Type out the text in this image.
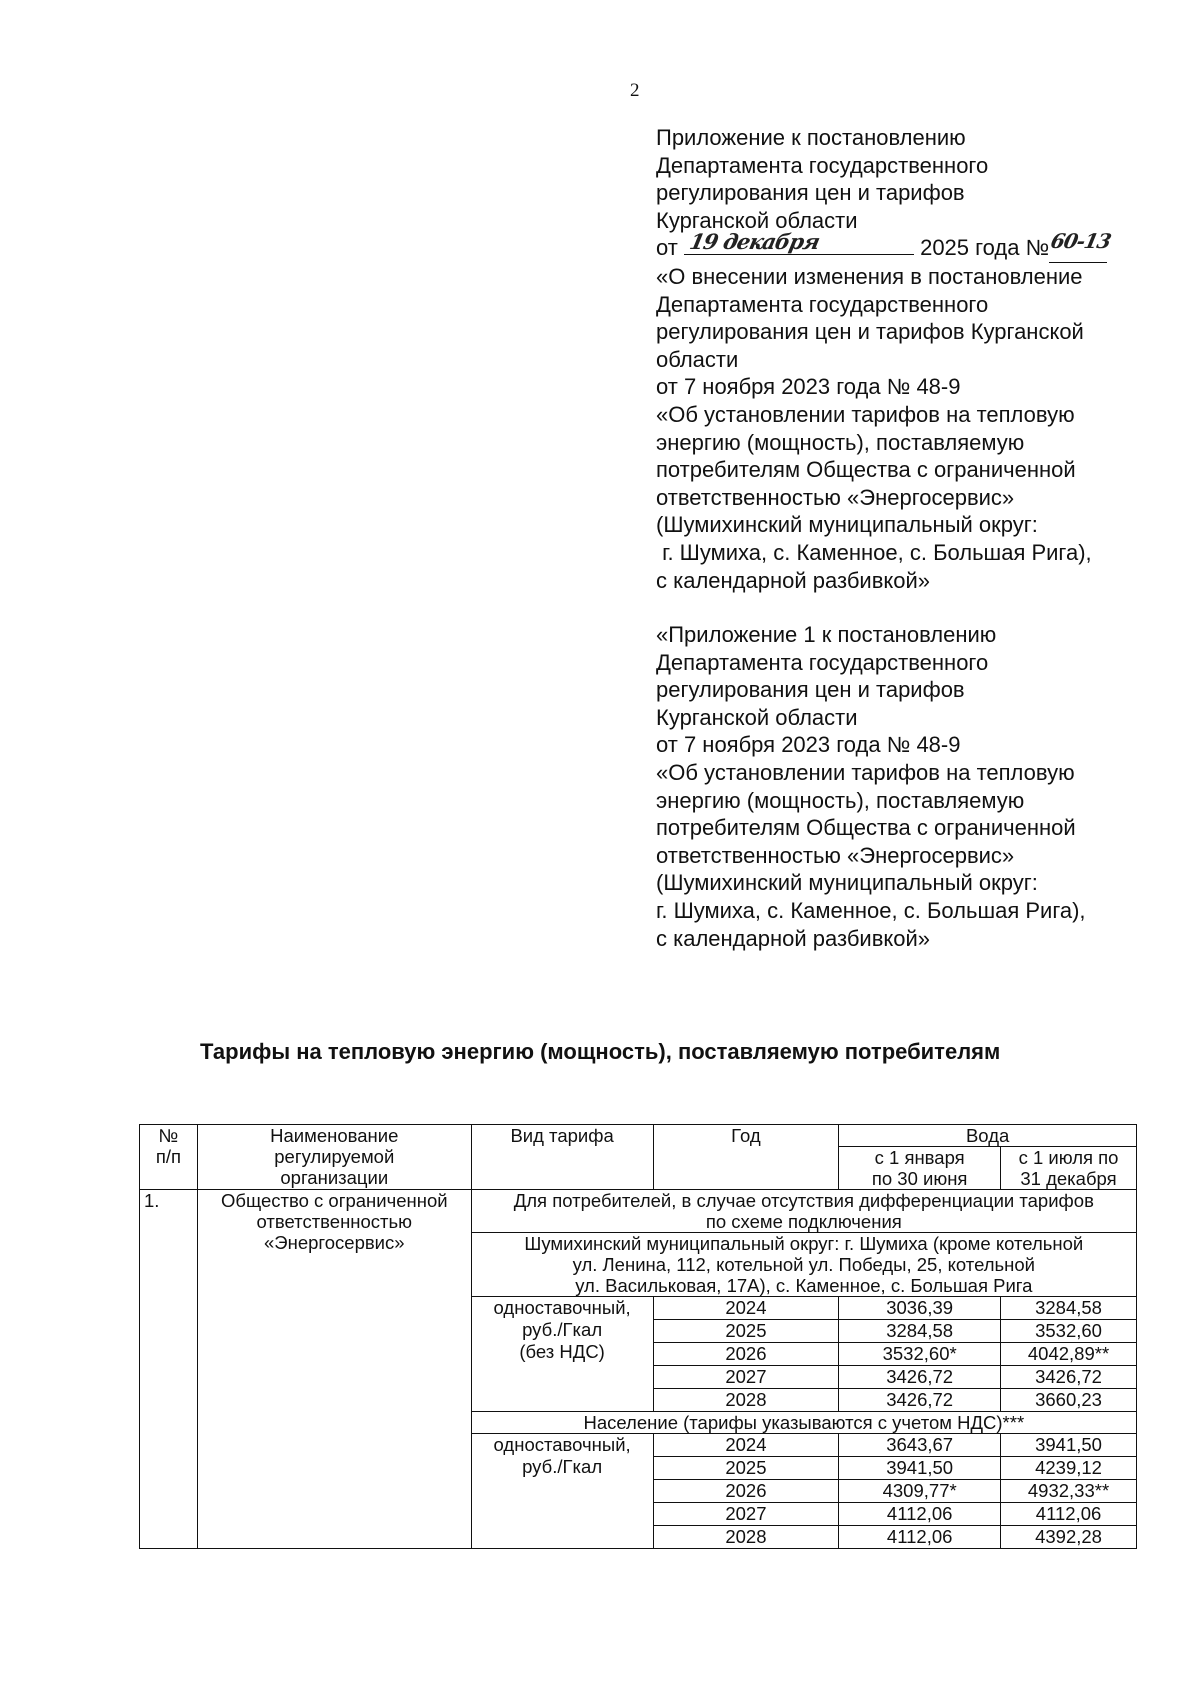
2
Приложение к постановлению
Департамента государственного
регулирования цен и тарифов
Курганской области
от 19 декабря	2025 года № 60-13

«О внесении изменения в постановление
Департамента государственного
регулирования цен и тарифов Курганской
области
от 7 ноября 2023 года № 48-9
«Об установлении тарифов на тепловую
энергию (мощность), поставляемую
потребителям Общества с ограниченной
ответственностью «Энергосервис»
(Шумихинский муниципальный округ:
г. Шумиха, с. Каменное, с. Большая Рига),
с календарной разбивкой»
«Приложение 1 к постановлению
Департамента государственного
регулирования цен и тарифов
Курганской области
от 7 ноября 2023 года № 48-9
«Об установлении тарифов на тепловую
энергию (мощность), поставляемую
потребителям Общества с ограниченной
ответственностью «Энергосервис»
(Шумихинский муниципальный округ:
г. Шумиха, с. Каменное, с. Большая Рига),
с календарной разбивкой»
Тарифы на тепловую энергию (мощность), поставляемую потребителям
№
п/п	Наименование
регулируемой
организации	Вид тарифа	Год	Вода	
				с 1 января
по 30 июня	с 1 июля по
31 декабря
1.	Общество с ограниченной
ответственностью
«Энергосервис»	Для потребителей, в случае отсутствия дифференциации тарифов
по схеме подключения			
		Шумихинский муниципальный округ: г. Шумиха (кроме котельной
ул. Ленина, 112, котельной ул. Победы, 25, котельной
ул. Васильковая, 17А), с. Каменное, с. Большая Рига			
		одноставочный,
руб./Гкал
(без НДС)	2024	3036,39	3284,58
			2025	3284,58	3532,60
			2026	3532,60*	4042,89**
			2027	3426,72	3426,72
			2028	3426,72	3660,23
		Население (тарифы указываются с учетом НДС)***			
		одноставочный,
руб./Гкал	2024	3643,67	3941,50
			2025	3941,50	4239,12
			2026	4309,77*	4932,33**
			2027	4112,06	4112,06
			2028	4112,06	4392,28
